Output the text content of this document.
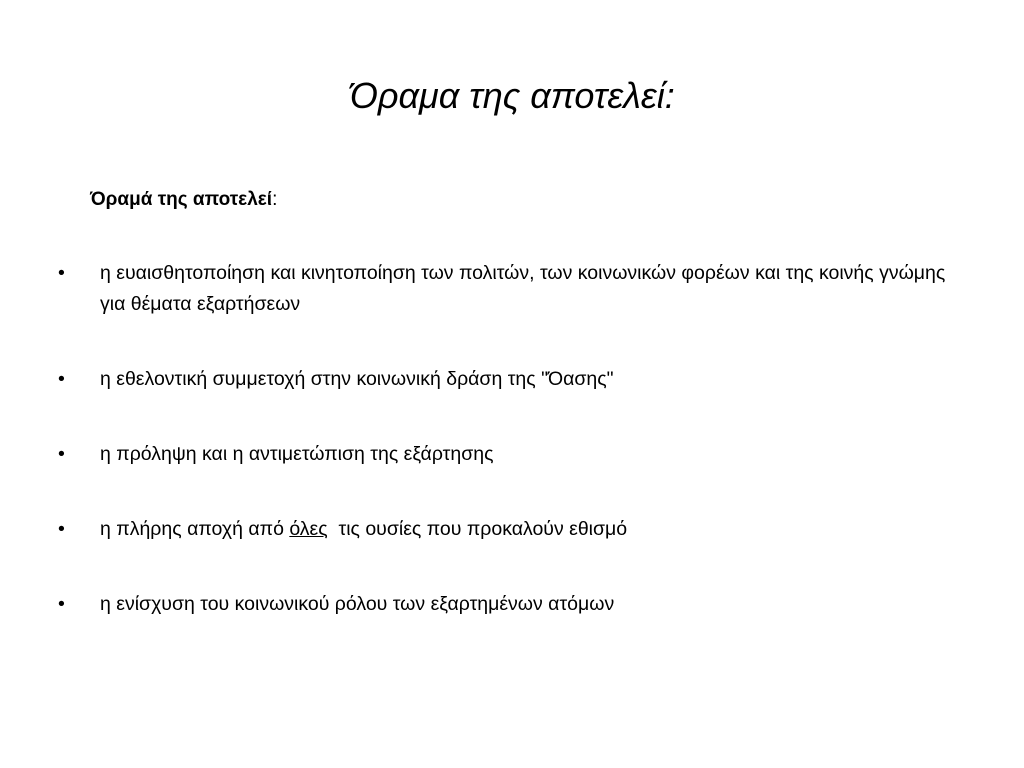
Όραμα της αποτελεί:
Όραμά της αποτελεί:
•	η ευαισθητοποίηση και κινητοποίηση των πολιτών, των κοινωνικών φορέων και της κοινής γνώμης για θέματα εξαρτήσεων
•	η εθελοντική συμμετοχή στην κοινωνική δράση της "Όασης"
•	η πρόληψη και η αντιμετώπιση της εξάρτησης
•	η πλήρης αποχή από όλες  τις ουσίες που προκαλούν εθισμό
•	η ενίσχυση του κοινωνικού ρόλου των εξαρτημένων ατόμων
